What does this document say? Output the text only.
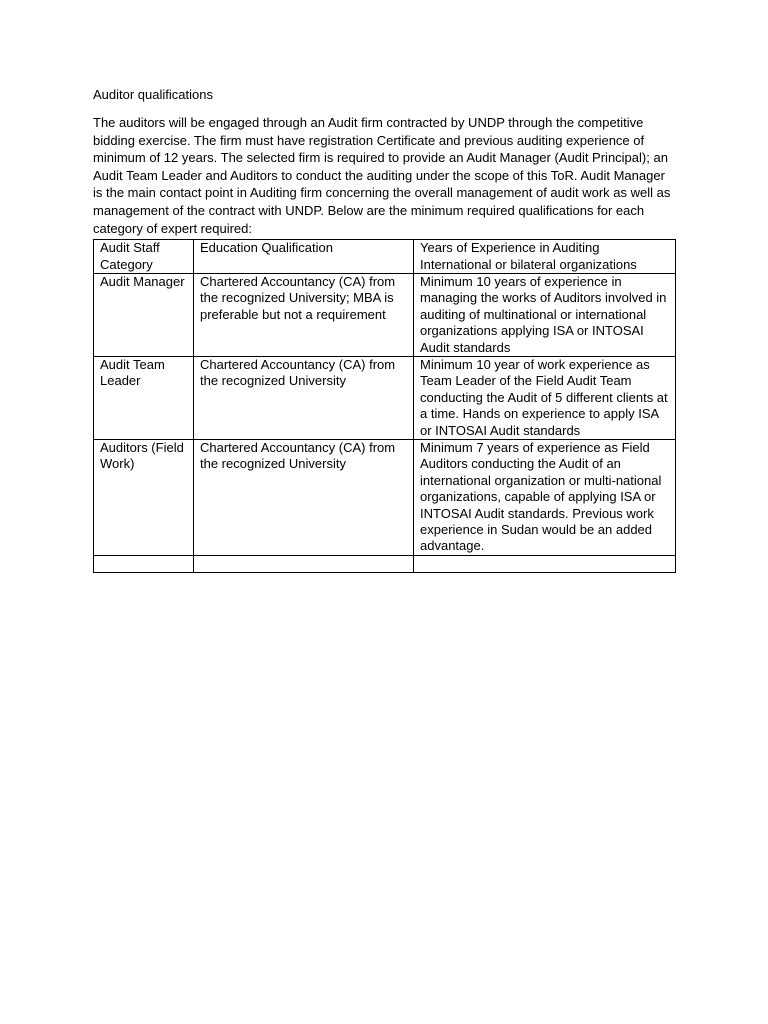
Auditor qualifications

The auditors will be engaged through an Audit firm contracted by UNDP through the competitive bidding exercise. The firm must have registration Certificate and previous auditing experience of minimum of 12 years. The selected firm is required to provide an Audit Manager (Audit Principal); an Audit Team Leader and Auditors to conduct the auditing under the scope of this ToR. Audit Manager is the main contact point in Auditing firm concerning the overall management of audit work as well as management of the contract with UNDP. Below are the minimum required qualifications for each category of expert required:

Audit Staff Category	Education Qualification	Years of Experience in Auditing International or bilateral organizations
Audit Manager	Chartered Accountancy (CA) from the recognized University; MBA is preferable but not a requirement	Minimum 10 years of experience in managing the works of Auditors involved in auditing of multinational or international organizations applying ISA or INTOSAI Audit standards
Audit Team Leader	Chartered Accountancy (CA) from the recognized University	Minimum 10 year of work experience as Team Leader of the Field Audit Team conducting the Audit of 5 different clients at a time. Hands on experience to apply ISA or INTOSAI Audit standards
Auditors (Field Work)	Chartered Accountancy (CA) from the recognized University	Minimum 7 years of experience as Field Auditors conducting the Audit of an international organization or multi-national organizations, capable of applying ISA or INTOSAI Audit standards. Previous work experience in Sudan would be an added advantage.
